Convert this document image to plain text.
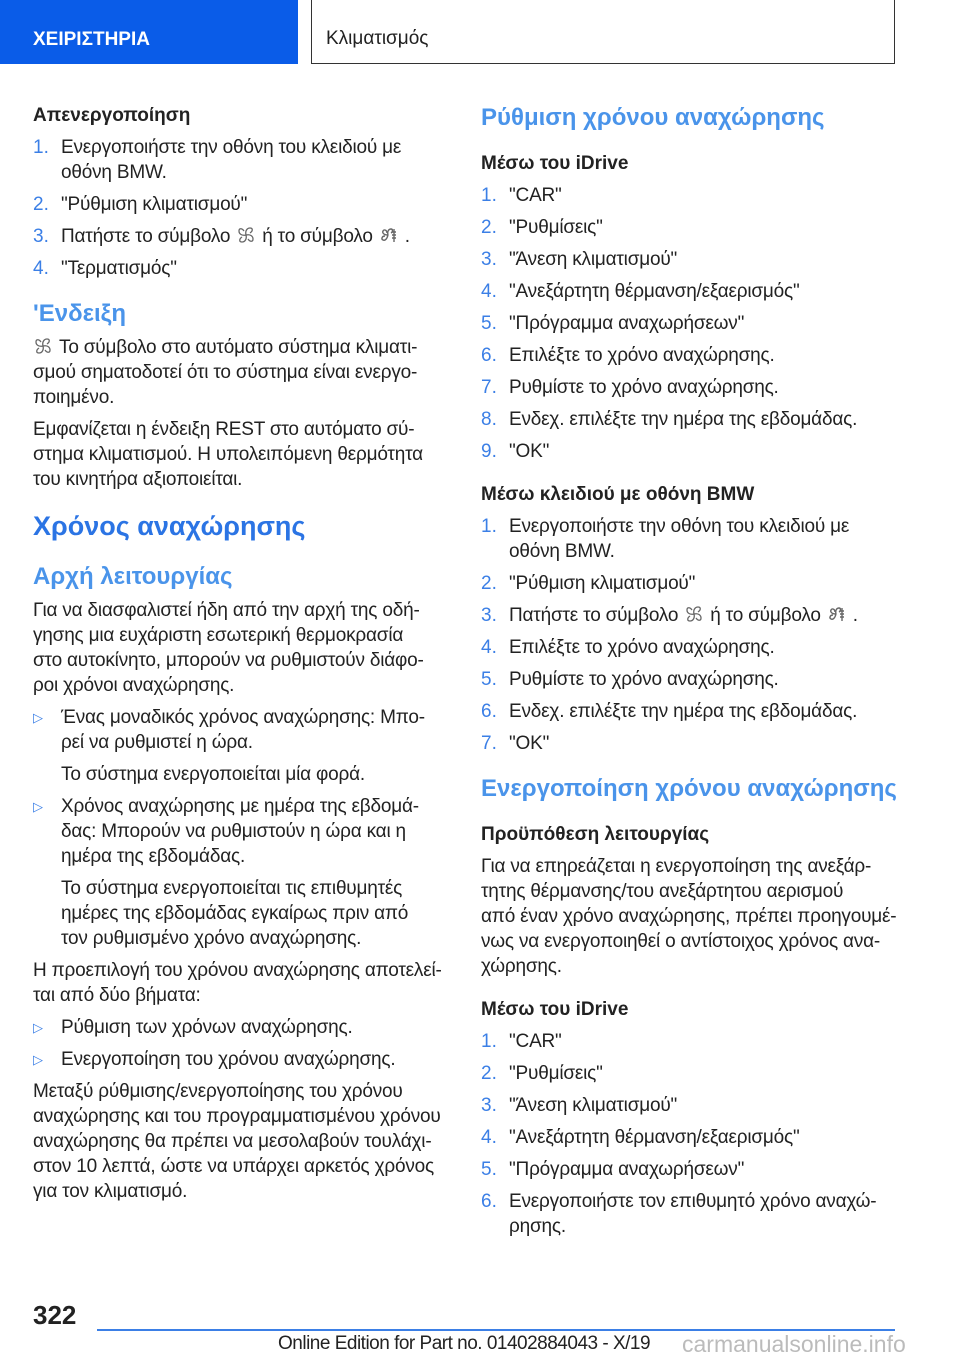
ΧΕΙΡΙΣΤΗΡΙΑ	Κλιματισμός
Απενεργοποίηση
1. Ενεργοποιήστε την οθόνη του κλειδιού με
οθόνη BMW.
2. "Ρύθμιση κλιματισμού"
3. Πατήστε το σύμβολο ή το σύμβολο .
4. "Τερματισμός"
'Ενδειξη
Το σύμβολο στο αυτόματο σύστημα κλιματι-
σμού σηματοδοτεί ότι το σύστημα είναι ενεργο-
ποιημένο.
Εμφανίζεται η ένδειξη REST στο αυτόματο σύ-
στημα κλιματισμού. Η υπολειπόμενη θερμότητα
του κινητήρα αξιοποιείται.
Χρόνος αναχώρησης
Αρχή λειτουργίας
Για να διασφαλιστεί ήδη από την αρχή της οδή-
γησης μια ευχάριστη εσωτερική θερμοκρασία
στο αυτοκίνητο, μπορούν να ρυθμιστούν διάφο-
ροι χρόνοι αναχώρησης.
▷ Ένας μοναδικός χρόνος αναχώρησης: Μπο-
ρεί να ρυθμιστεί η ώρα.
Το σύστημα ενεργοποιείται μία φορά.
▷ Χρόνος αναχώρησης με ημέρα της εβδομά-
δας: Μπορούν να ρυθμιστούν η ώρα και η
ημέρα της εβδομάδας.
Το σύστημα ενεργοποιείται τις επιθυμητές
ημέρες της εβδομάδας εγκαίρως πριν από
τον ρυθμισμένο χρόνο αναχώρησης.
Η προεπιλογή του χρόνου αναχώρησης αποτελεί-
ται από δύο βήματα:
▷ Ρύθμιση των χρόνων αναχώρησης.
▷ Ενεργοποίηση του χρόνου αναχώρησης.
Μεταξύ ρύθμισης/ενεργοποίησης του χρόνου
αναχώρησης και του προγραμματισμένου χρόνου
αναχώρησης θα πρέπει να μεσολαβούν τουλάχι-
στον 10 λεπτά, ώστε να υπάρχει αρκετός χρόνος
για τον κλιματισμό.
Ρύθμιση χρόνου αναχώρησης
Μέσω του iDrive
1. "CAR"
2. "Ρυθμίσεις"
3. "Άνεση κλιματισμού"
4. "Ανεξάρτητη θέρμανση/εξαερισμός"
5. "Πρόγραμμα αναχωρήσεων"
6. Επιλέξτε το χρόνο αναχώρησης.
7. Ρυθμίστε το χρόνο αναχώρησης.
8. Ενδεχ. επιλέξτε την ημέρα της εβδομάδας.
9. "OK"
Μέσω κλειδιού με οθόνη BMW
1. Ενεργοποιήστε την οθόνη του κλειδιού με
οθόνη BMW.
2. "Ρύθμιση κλιματισμού"
3. Πατήστε το σύμβολο ή το σύμβολο .
4. Επιλέξτε το χρόνο αναχώρησης.
5. Ρυθμίστε το χρόνο αναχώρησης.
6. Ενδεχ. επιλέξτε την ημέρα της εβδομάδας.
7. "OK"
Ενεργοποίηση χρόνου αναχώρησης
Προϋπόθεση λειτουργίας
Για να επηρεάζεται η ενεργοποίηση της ανεξάρ-
τητης θέρμανσης/του ανεξάρτητου αερισμού
από έναν χρόνο αναχώρησης, πρέπει προηγουμέ-
νως να ενεργοποιηθεί ο αντίστοιχος χρόνος ανα-
χώρησης.
Μέσω του iDrive
1. "CAR"
2. "Ρυθμίσεις"
3. "Άνεση κλιματισμού"
4. "Ανεξάρτητη θέρμανση/εξαερισμός"
5. "Πρόγραμμα αναχωρήσεων"
6. Ενεργοποιήστε τον επιθυμητό χρόνο αναχώ-
ρησης.
322
Online Edition for Part no. 01402884043 - X/19 carmanualsonline.info
